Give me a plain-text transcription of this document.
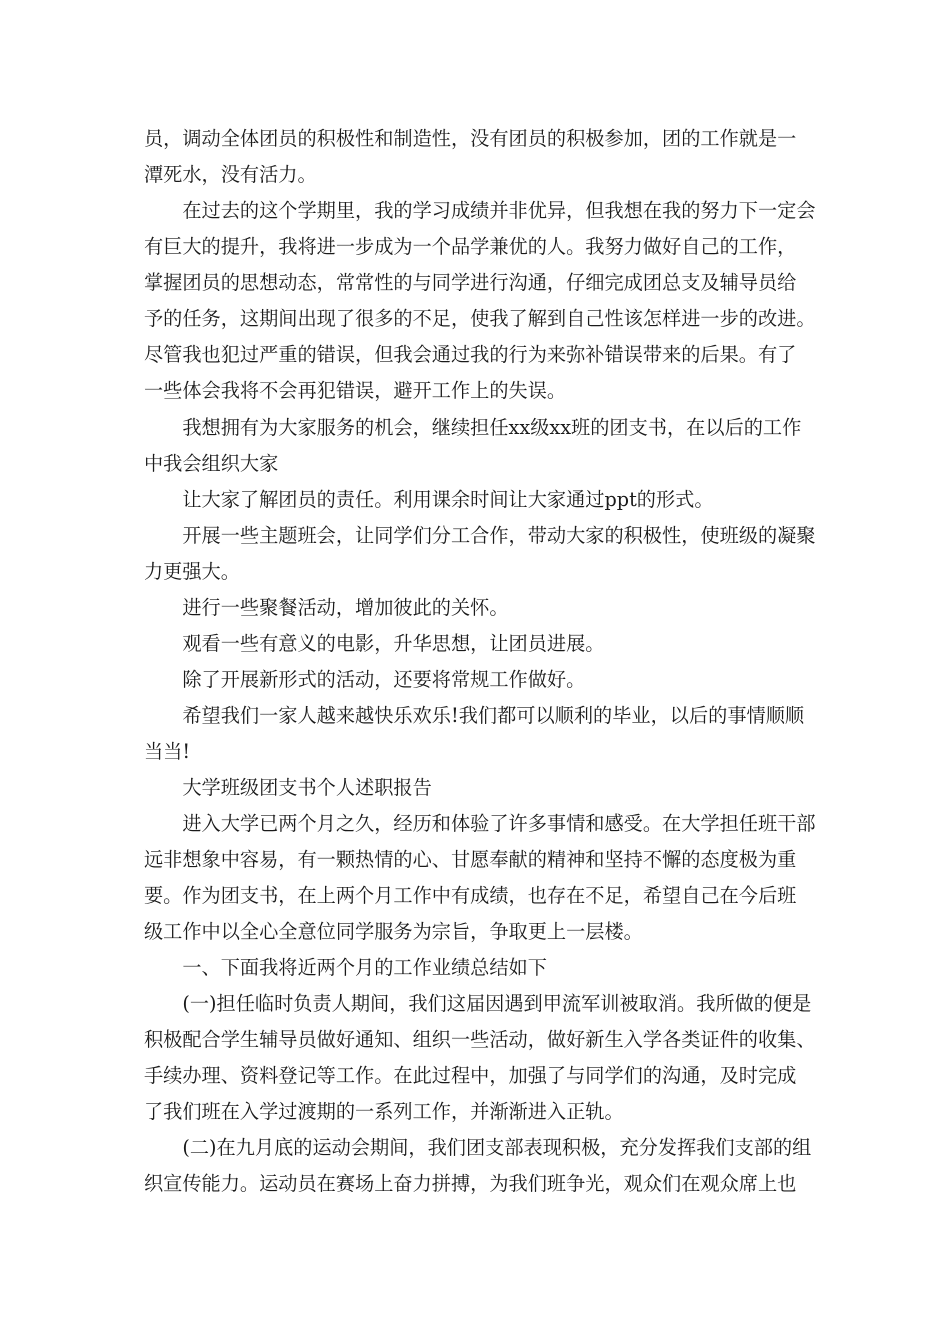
员，调动全体团员的积极性和制造性，没有团员的积极参加，团的工作就是一
潭死水，没有活力。
　　在过去的这个学期里，我的学习成绩并非优异，但我想在我的努力下一定会
有巨大的提升，我将进一步成为一个品学兼优的人。我努力做好自己的工作，
掌握团员的思想动态，常常性的与同学进行沟通，仔细完成团总支及辅导员给
予的任务，这期间出现了很多的不足，使我了解到自己性该怎样进一步的改进。
尽管我也犯过严重的错误，但我会通过我的行为来弥补错误带来的后果。有了
一些体会我将不会再犯错误，避开工作上的失误。
　　我想拥有为大家服务的机会，继续担任xx级xx班的团支书，在以后的工作
中我会组织大家
　　让大家了解团员的责任。利用课余时间让大家通过ppt的形式。
　　开展一些主题班会，让同学们分工合作，带动大家的积极性，使班级的凝聚
力更强大。
　　进行一些聚餐活动，增加彼此的关怀。
　　观看一些有意义的电影，升华思想，让团员进展。
　　除了开展新形式的活动，还要将常规工作做好。
　　希望我们一家人越来越快乐欢乐!我们都可以顺利的毕业，以后的事情顺顺
当当!
　　大学班级团支书个人述职报告
　　进入大学已两个月之久，经历和体验了许多事情和感受。在大学担任班干部
远非想象中容易，有一颗热情的心、甘愿奉献的精神和坚持不懈的态度极为重
要。作为团支书，在上两个月工作中有成绩，也存在不足，希望自己在今后班
级工作中以全心全意位同学服务为宗旨，争取更上一层楼。
　　一、下面我将近两个月的工作业绩总结如下
　　(一)担任临时负责人期间，我们这届因遇到甲流军训被取消。我所做的便是
积极配合学生辅导员做好通知、组织一些活动，做好新生入学各类证件的收集、
手续办理、资料登记等工作。在此过程中，加强了与同学们的沟通，及时完成
了我们班在入学过渡期的一系列工作，并渐渐进入正轨。
　　(二)在九月底的运动会期间，我们团支部表现积极，充分发挥我们支部的组
织宣传能力。运动员在赛场上奋力拼搏，为我们班争光，观众们在观众席上也
